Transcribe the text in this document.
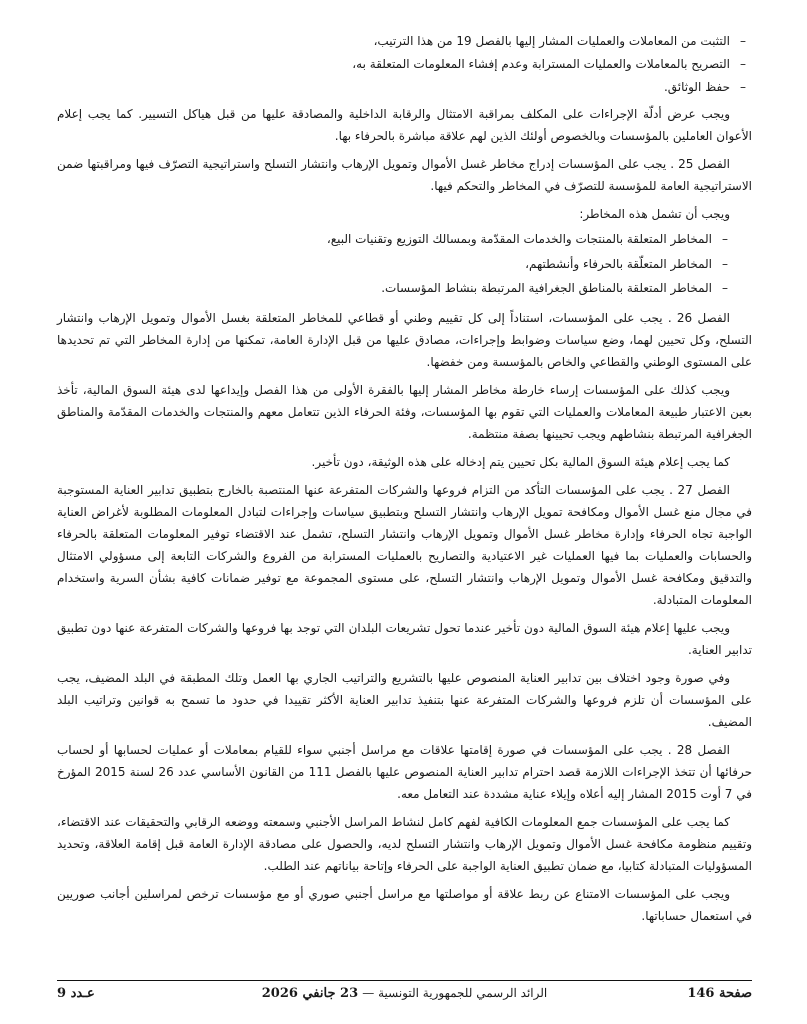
–
التثبت من المعاملات والعمليات المشار إليها بالفصل 19 من هذا الترتيب،
–
التصريح بالمعاملات والعمليات المسترابة وعدم إفشاء المعلومات المتعلقة به،
–
حفظ الوثائق.

ويجب عرض أدلّة الإجراءات على المكلف بمراقبة الامتثال والرقابة الداخلية والمصادقة عليها من قبل هياكل التسيير. كما يجب إعلام الأعوان العاملين بالمؤسسات وبالخصوص أولئك الذين لهم علاقة مباشرة بالحرفاء بها.

الفصل 25 . يجب على المؤسسات إدراج مخاطر غسل الأموال وتمويل الإرهاب وانتشار التسلح واستراتيجية التصرّف فيها ومراقبتها ضمن الاستراتيجية العامة للمؤسسة للتصرّف في المخاطر والتحكم فيها.

ويجب أن تشمل هذه المخاطر:

–
المخاطر المتعلقة بالمنتجات والخدمات المقدّمة وبمسالك التوزيع وتقنيات البيع،
–
المخاطر المتعلّقة بالحرفاء وأنشطتهم،
–
المخاطر المتعلقة بالمناطق الجغرافية المرتبطة بنشاط المؤسسات.

الفصل 26 . يجب على المؤسسات، استناداً إلى كل تقييم وطني أو قطاعي للمخاطر المتعلقة بغسل الأموال وتمويل الإرهاب وانتشار التسلح، وكل تحيين لهما، وضع سياسات وضوابط وإجراءات، مصادق عليها من قبل الإدارة العامة، تمكنها من إدارة المخاطر التي تم تحديدها على المستوى الوطني والقطاعي والخاص بالمؤسسة ومن خفضها.

ويجب كذلك على المؤسسات إرساء خارطة مخاطر المشار إليها بالفقرة الأولى من هذا الفصل وإيداعها لدى هيئة السوق المالية، تأخذ بعين الاعتبار طبيعة المعاملات والعمليات التي تقوم بها المؤسسات، وفئة الحرفاء الذين تتعامل معهم والمنتجات والخدمات المقدّمة والمناطق الجغرافية المرتبطة بنشاطهم ويجب تحيينها بصفة منتظمة.

كما يجب إعلام هيئة السوق المالية بكل تحيين يتم إدخاله على هذه الوثيقة، دون تأخير.

الفصل 27 . يجب على المؤسسات التأكد من التزام فروعها والشركات المتفرعة عنها المنتصبة بالخارج بتطبيق تدابير العناية المستوجبة في مجال منع غسل الأموال ومكافحة تمويل الإرهاب وانتشار التسلح وبتطبيق سياسات وإجراءات لتبادل المعلومات المطلوبة لأغراض العناية الواجبة تجاه الحرفاء وإدارة مخاطر غسل الأموال وتمويل الإرهاب وانتشار التسلح، تشمل عند الاقتضاء توفير المعلومات المتعلقة بالحرفاء والحسابات والعمليات بما فيها العمليات غير الاعتيادية والتصاريح بالعمليات المسترابة من الفروع والشركات التابعة إلى مسؤولي الامتثال والتدقيق ومكافحة غسل الأموال وتمويل الإرهاب وانتشار التسلح، على مستوى المجموعة مع توفير ضمانات كافية بشأن السرية واستخدام المعلومات المتبادلة.

ويجب عليها إعلام هيئة السوق المالية دون تأخير عندما تحول تشريعات البلدان التي توجد بها فروعها والشركات المتفرعة عنها دون تطبيق تدابير العناية.

وفي صورة وجود اختلاف بين تدابير العناية المنصوص عليها بالتشريع والتراتيب الجاري بها العمل وتلك المطبقة في البلد المضيف، يجب على المؤسسات أن تلزم فروعها والشركات المتفرعة عنها بتنفيذ تدابير العناية الأكثر تقييدا في حدود ما تسمح به قوانين وتراتيب البلد المضيف.

الفصل 28 . يجب على المؤسسات في صورة إقامتها علاقات مع مراسل أجنبي سواء للقيام بمعاملات أو عمليات لحسابها أو لحساب حرفائها أن تتخذ الإجراءات اللازمة قصد احترام تدابير العناية المنصوص عليها بالفصل 111 من القانون الأساسي عدد 26 لسنة 2015 المؤرخ في 7 أوت 2015 المشار إليه أعلاه وإيلاء عناية مشددة عند التعامل معه.

كما يجب على المؤسسات جمع المعلومات الكافية لفهم كامل لنشاط المراسل الأجنبي وسمعته ووضعه الرقابي والتحقيقات عند الاقتضاء، وتقييم منظومة مكافحة غسل الأموال وتمويل الإرهاب وانتشار التسلح لديه، والحصول على مصادقة الإدارة العامة قبل إقامة العلاقة، وتحديد المسؤوليات المتبادلة كتابيا، مع ضمان تطبيق العناية الواجبة على الحرفاء وإتاحة بياناتهم عند الطلب.

ويجب على المؤسسات الامتناع عن ربط علاقة أو مواصلتها مع مراسل أجنبي صوري أو مع مؤسسات ترخص لمراسلين أجانب صوريين في استعمال حساباتها.

صفحة 146
الرائد الرسمي للجمهورية التونسية — 23 جانفي 2026
عـدد 9
